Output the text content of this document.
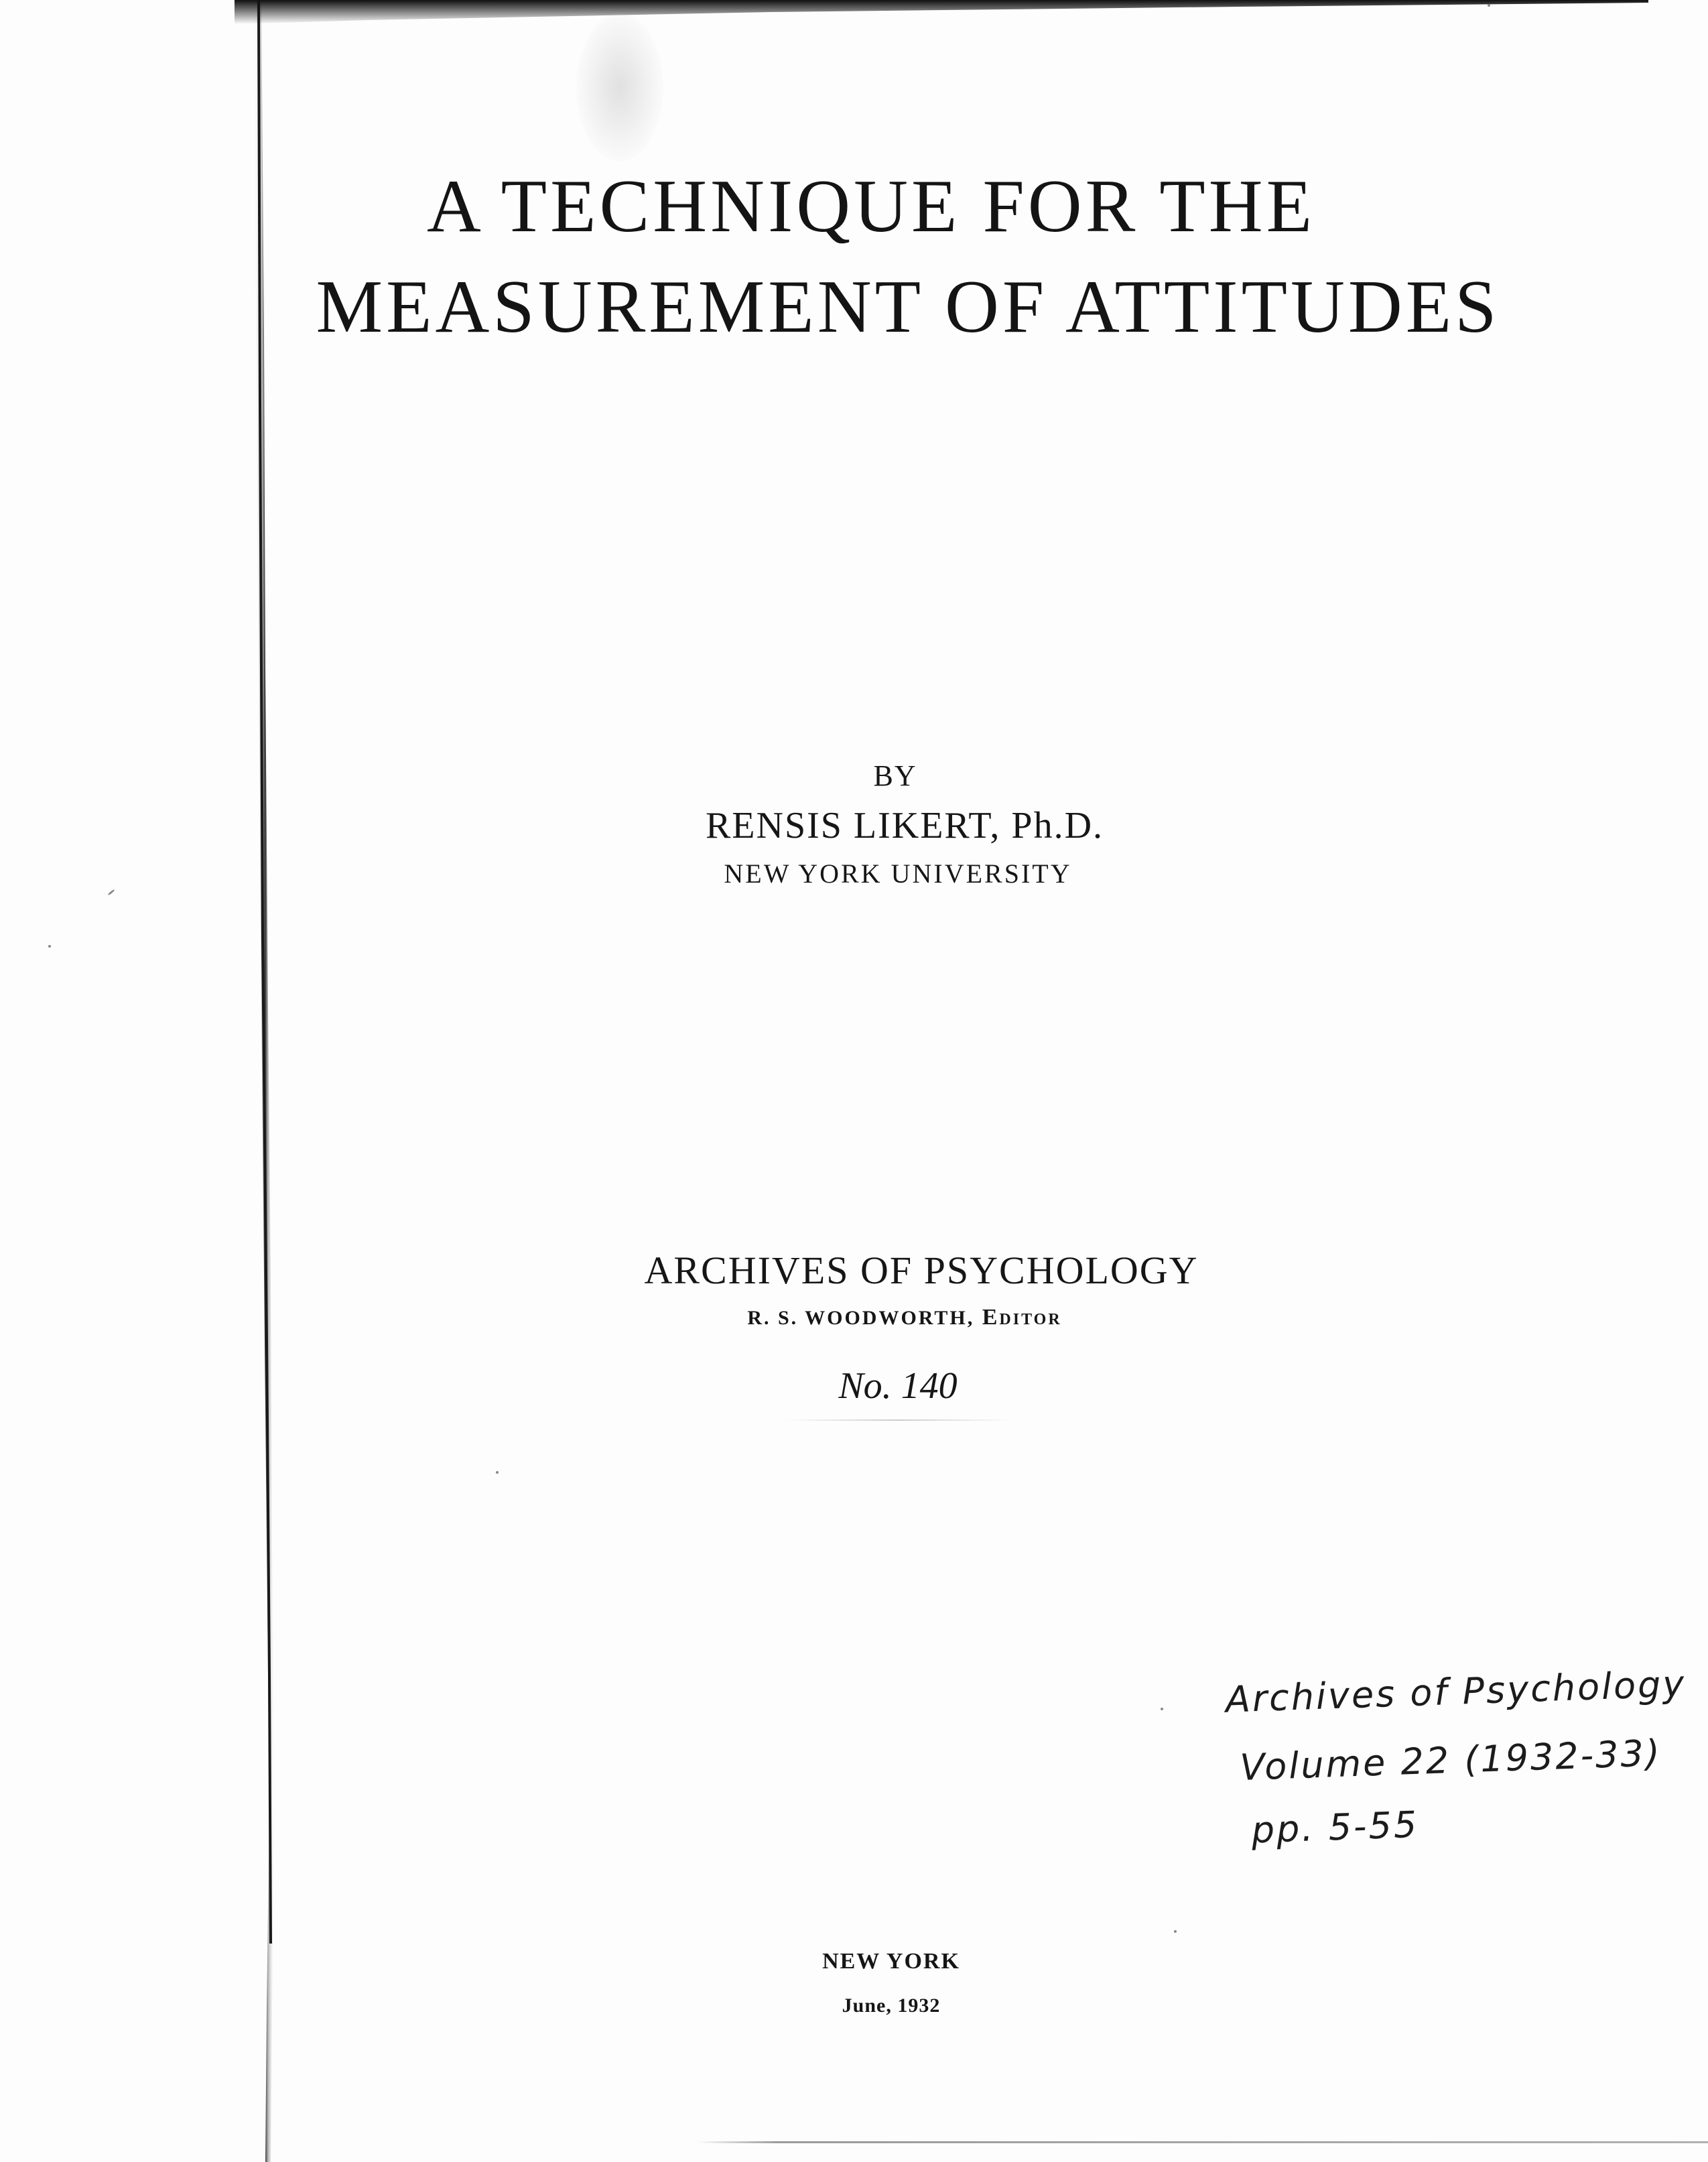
A TECHNIQUE FOR THE
MEASUREMENT OF ATTITUDES

BY

RENSIS LIKERT, Ph.D.

NEW YORK UNIVERSITY

ARCHIVES OF PSYCHOLOGY

R. S. WOODWORTH, Editor

No. 140

NEW YORK

June, 1932

Archives of Psychology
Volume 22 (1932-33)
pp. 5-55
